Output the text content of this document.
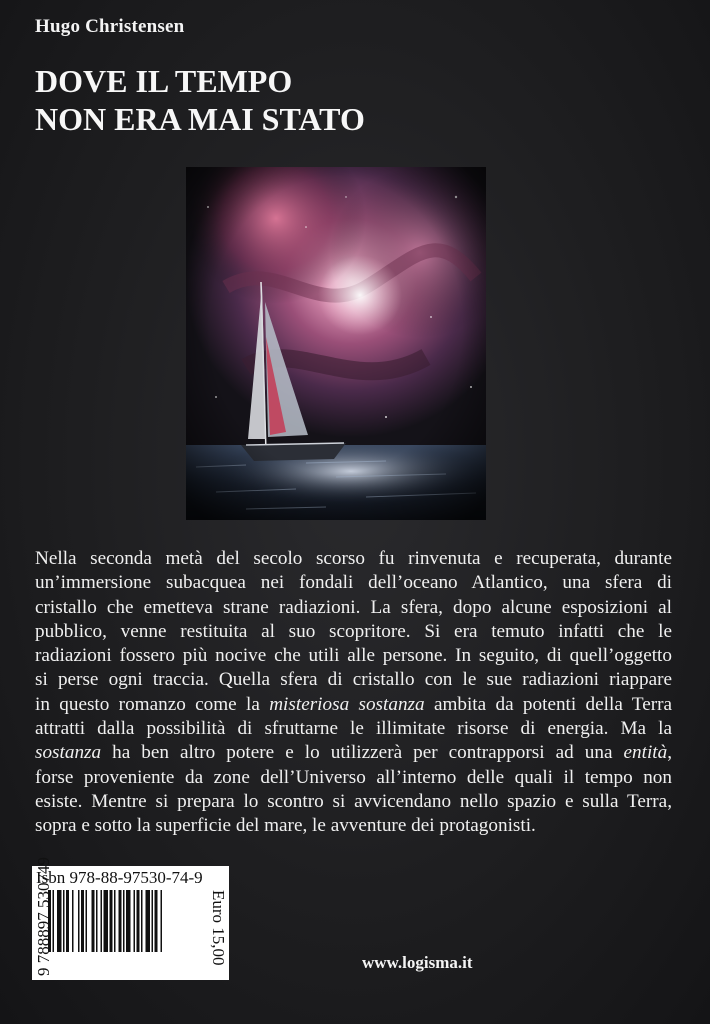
Hugo Christensen
DOVE IL TEMPO
NON ERA MAI STATO
Nella seconda metà del secolo scorso fu rinvenuta e recuperata, durante
un’immersione subacquea nei fondali dell’oceano Atlantico, una sfera di
cristallo che emetteva strane radiazioni. La sfera, dopo alcune esposizioni al
pubblico, venne restituita al suo scopritore. Si era temuto infatti che le
radiazioni fossero più nocive che utili alle persone. In seguito, di quell’oggetto
si perse ogni traccia. Quella sfera di cristallo con le sue radiazioni riappare
in questo romanzo come la misteriosa sostanza ambita da potenti della Terra
attratti dalla possibilità di sfruttarne le illimitate risorse di energia. Ma la
sostanza ha ben altro potere e lo utilizzerà per contrapporsi ad una entità,
forse proveniente da zone dell’Universo all’interno delle quali il tempo non
esiste. Mentre si prepara lo scontro si avvicendano nello spazio e sulla Terra,
sopra e sotto la superficie del mare, le avventure dei protagonisti.
Isbn 978-88-97530-74-9
9 788897 530749	Euro 15,00	www.logisma.it
